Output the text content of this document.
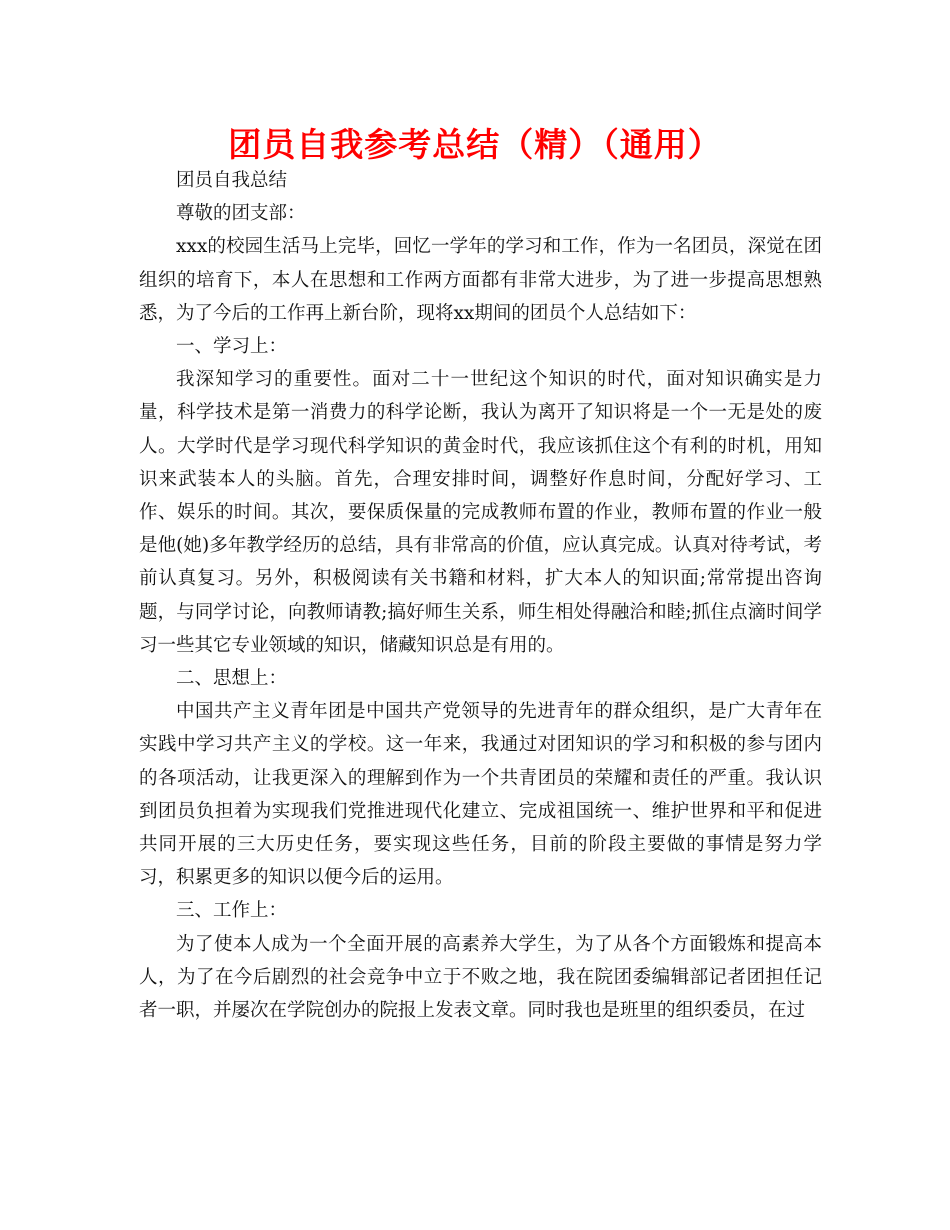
团员自我参考总结（精）（通用）

团员自我总结

尊敬的团支部：

xxx的校园生活马上完毕，回忆一学年的学习和工作，作为一名团员，深觉在团组织的培育下，本人在思想和工作两方面都有非常大进步，为了进一步提高思想熟悉，为了今后的工作再上新台阶，现将xx期间的团员个人总结如下：

一、学习上：

我深知学习的重要性。面对二十一世纪这个知识的时代，面对知识确实是力量，科学技术是第一消费力的科学论断，我认为离开了知识将是一个一无是处的废人。大学时代是学习现代科学知识的黄金时代，我应该抓住这个有利的时机，用知识来武装本人的头脑。首先，合理安排时间，调整好作息时间，分配好学习、工作、娱乐的时间。其次，要保质保量的完成教师布置的作业，教师布置的作业一般是他(她)多年教学经历的总结，具有非常高的价值，应认真完成。认真对待考试，考前认真复习。另外，积极阅读有关书籍和材料，扩大本人的知识面;常常提出咨询题，与同学讨论，向教师请教;搞好师生关系，师生相处得融洽和睦;抓住点滴时间学习一些其它专业领域的知识，储藏知识总是有用的。

二、思想上：

中国共产主义青年团是中国共产党领导的先进青年的群众组织，是广大青年在实践中学习共产主义的学校。这一年来，我通过对团知识的学习和积极的参与团内的各项活动，让我更深入的理解到作为一个共青团员的荣耀和责任的严重。我认识到团员负担着为实现我们党推进现代化建立、完成祖国统一、维护世界和平和促进共同开展的三大历史任务，要实现这些任务，目前的阶段主要做的事情是努力学习，积累更多的知识以便今后的运用。

三、工作上：

为了使本人成为一个全面开展的高素养大学生，为了从各个方面锻炼和提高本人，为了在今后剧烈的社会竞争中立于不败之地，我在院团委编辑部记者团担任记者一职，并屡次在学院创办的院报上发表文章。同时我也是班里的组织委员，在过
